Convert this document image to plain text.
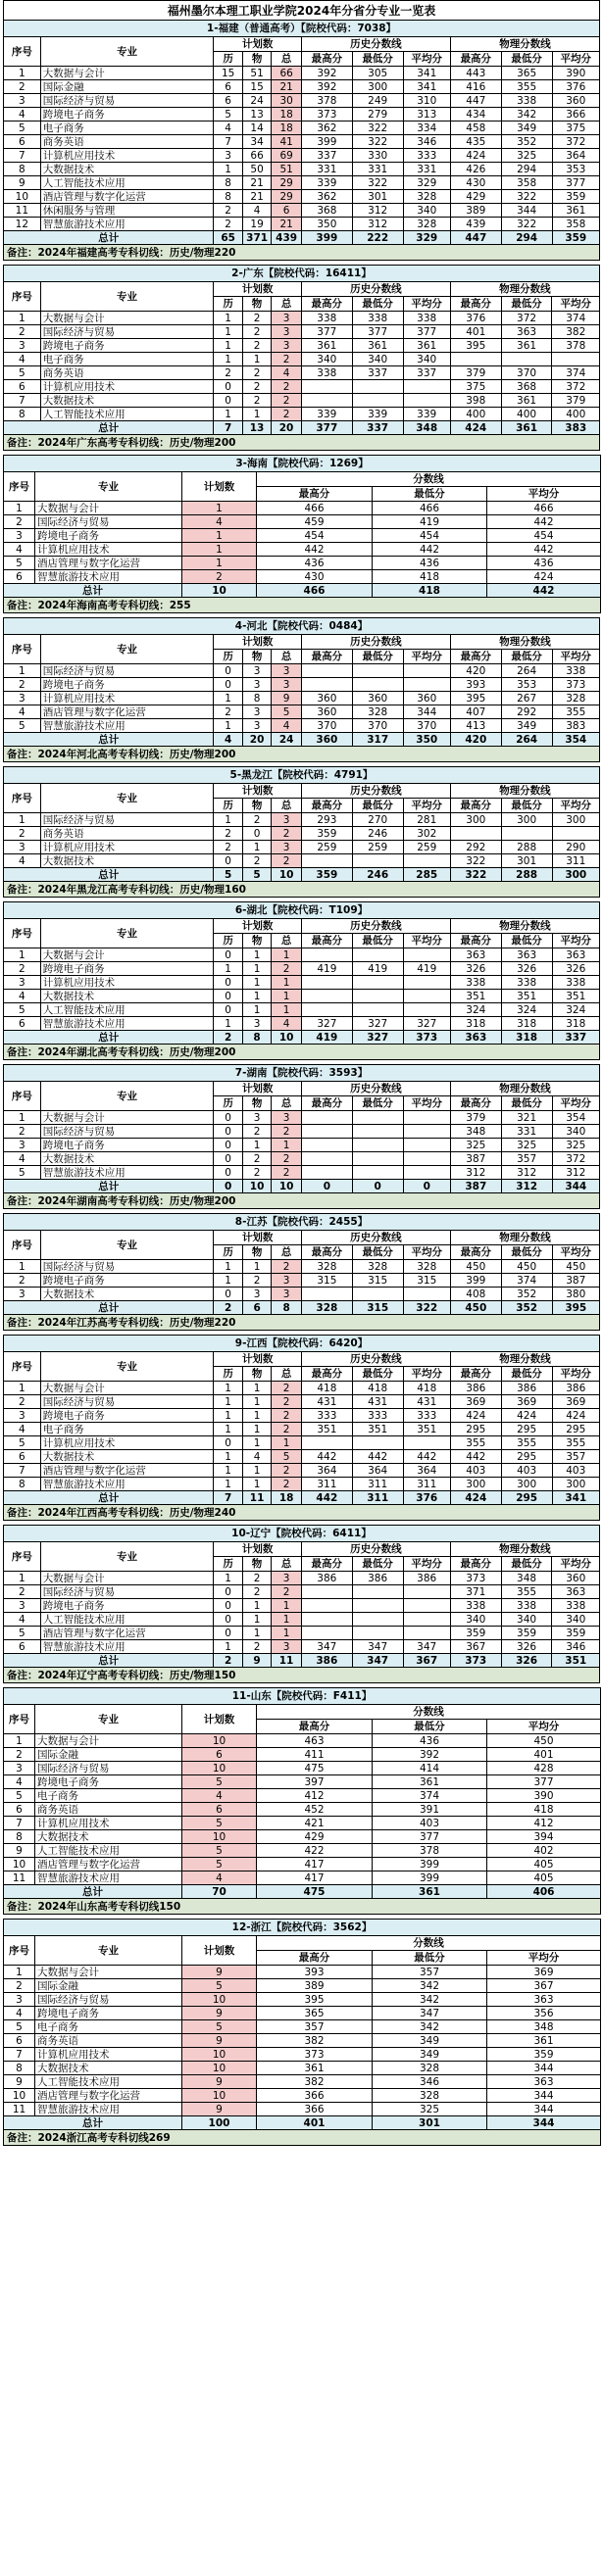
福州墨尔本理工职业学院2024年分省分专业一览表
1-福建（普通高考）【院校代码：7038】										
序号	专业	计划数			历史分数线			物理分数线		
		历	物	总	最高分	最低分	平均分	最高分	最低分	平均分
1	大数据与会计	15	51	66	392	305	341	443	365	390
2	国际金融	6	15	21	392	300	341	416	355	376
3	国际经济与贸易	6	24	30	378	249	310	447	338	360
4	跨境电子商务	5	13	18	373	279	313	434	342	366
5	电子商务	4	14	18	362	322	334	458	349	375
6	商务英语	7	34	41	399	322	346	435	352	372
7	计算机应用技术	3	66	69	337	330	333	424	325	364
8	大数据技术	1	50	51	331	331	331	426	294	353
9	人工智能技术应用	8	21	29	339	322	329	430	358	377
10	酒店管理与数字化运营	8	21	29	362	301	328	429	322	359
11	休闲服务与管理	2	4	6	368	312	340	389	344	361
12	智慧旅游技术应用	2	19	21	350	312	328	439	322	358
总计		65	371	439	399	222	329	447	294	359
备注：2024年福建高考专科切线：历史/物理220										
2-广东【院校代码：16411】										
序号	专业	计划数			历史分数线			物理分数线		
		历	物	总	最高分	最低分	平均分	最高分	最低分	平均分
1	大数据与会计	1	2	3	338	338	338	376	372	374
2	国际经济与贸易	1	2	3	377	377	377	401	363	382
3	跨境电子商务	1	2	3	361	361	361	395	361	378
4	电子商务	1	1	2	340	340	340			
5	商务英语	2	2	4	338	337	337	379	370	374
6	计算机应用技术	0	2	2				375	368	372
7	大数据技术	0	2	2				398	361	379
8	人工智能技术应用	1	1	2	339	339	339	400	400	400
总计		7	13	20	377	337	348	424	361	383
备注：2024年广东高考专科切线：历史/物理200										
3-海南【院校代码：1269】					
序号	专业	计划数	分数线		
			最高分	最低分	平均分
1	大数据与会计	1	466	466	466
2	国际经济与贸易	4	459	419	442
3	跨境电子商务	1	454	454	454
4	计算机应用技术	1	442	442	442
5	酒店管理与数字化运营	1	436	436	436
6	智慧旅游技术应用	2	430	418	424
总计		10	466	418	442
备注：2024年海南高考专科切线：255					
4-河北【院校代码：0484】										
序号	专业	计划数			历史分数线			物理分数线		
		历	物	总	最高分	最低分	平均分	最高分	最低分	平均分
1	国际经济与贸易	0	3	3				420	264	338
2	跨境电子商务	0	3	3				393	353	373
3	计算机应用技术	1	8	9	360	360	360	395	267	328
4	酒店管理与数字化运营	2	3	5	360	328	344	407	292	355
5	智慧旅游技术应用	1	3	4	370	370	370	413	349	383
总计		4	20	24	360	317	350	420	264	354
备注：2024年河北高考专科切线：历史/物理200										
5-黑龙江【院校代码：4791】										
序号	专业	计划数			历史分数线			物理分数线		
		历	物	总	最高分	最低分	平均分	最高分	最低分	平均分
1	国际经济与贸易	1	2	3	293	270	281	300	300	300
2	商务英语	2	0	2	359	246	302			
3	计算机应用技术	2	1	3	259	259	259	292	288	290
4	大数据技术	0	2	2				322	301	311
总计		5	5	10	359	246	285	322	288	300
备注：2024年黑龙江高考专科切线：历史/物理160										
6-湖北【院校代码：T109】										
序号	专业	计划数			历史分数线			物理分数线		
		历	物	总	最高分	最低分	平均分	最高分	最低分	平均分
1	大数据与会计	0	1	1				363	363	363
2	跨境电子商务	1	1	2	419	419	419	326	326	326
3	计算机应用技术	0	1	1				338	338	338
4	大数据技术	0	1	1				351	351	351
5	人工智能技术应用	0	1	1				324	324	324
6	智慧旅游技术应用	1	3	4	327	327	327	318	318	318
总计		2	8	10	419	327	373	363	318	337
备注：2024年湖北高考专科切线：历史/物理200										
7-湖南【院校代码：3593】										
序号	专业	计划数			历史分数线			物理分数线		
		历	物	总	最高分	最低分	平均分	最高分	最低分	平均分
1	大数据与会计	0	3	3				379	321	354
2	国际经济与贸易	0	2	2				348	331	340
3	跨境电子商务	0	1	1				325	325	325
4	大数据技术	0	2	2				387	357	372
5	智慧旅游技术应用	0	2	2				312	312	312
总计		0	10	10	0	0	0	387	312	344
备注：2024年湖南高考专科切线：历史/物理200										
8-江苏【院校代码：2455】										
序号	专业	计划数			历史分数线			物理分数线		
		历	物	总	最高分	最低分	平均分	最高分	最低分	平均分
1	国际经济与贸易	1	1	2	328	328	328	450	450	450
2	跨境电子商务	1	2	3	315	315	315	399	374	387
3	大数据技术	0	3	3				408	352	380
总计		2	6	8	328	315	322	450	352	395
备注：2024年江苏高考专科切线：历史/物理220										
9-江西【院校代码：6420】										
序号	专业	计划数			历史分数线			物理分数线		
		历	物	总	最高分	最低分	平均分	最高分	最低分	平均分
1	大数据与会计	1	1	2	418	418	418	386	386	386
2	国际经济与贸易	1	1	2	431	431	431	369	369	369
3	跨境电子商务	1	1	2	333	333	333	424	424	424
4	电子商务	1	1	2	351	351	351	295	295	295
5	计算机应用技术	0	1	1				355	355	355
6	大数据技术	1	4	5	442	442	442	442	295	357
7	酒店管理与数字化运营	1	1	2	364	364	364	403	403	403
8	智慧旅游技术应用	1	1	2	311	311	311	300	300	300
总计		7	11	18	442	311	376	424	295	341
备注：2024年江西高考专科切线：历史/物理240										
10-辽宁【院校代码：6411】										
序号	专业	计划数			历史分数线			物理分数线		
		历	物	总	最高分	最低分	平均分	最高分	最低分	平均分
1	大数据与会计	1	2	3	386	386	386	373	348	360
2	国际经济与贸易	0	2	2				371	355	363
3	跨境电子商务	0	1	1				338	338	338
4	人工智能技术应用	0	1	1				340	340	340
5	酒店管理与数字化运营	0	1	1				359	359	359
6	智慧旅游技术应用	1	2	3	347	347	347	367	326	346
总计		2	9	11	386	347	367	373	326	351
备注：2024年辽宁高考专科切线：历史/物理150										
11-山东【院校代码：F411】					
序号	专业	计划数	分数线		
			最高分	最低分	平均分
1	大数据与会计	10	463	436	450
2	国际金融	6	411	392	401
3	国际经济与贸易	10	475	414	428
4	跨境电子商务	5	397	361	377
5	电子商务	4	412	374	390
6	商务英语	6	452	391	418
7	计算机应用技术	5	421	403	412
8	大数据技术	10	429	377	394
9	人工智能技术应用	5	422	378	402
10	酒店管理与数字化运营	5	417	399	405
11	智慧旅游技术应用	4	417	399	405
总计		70	475	361	406
备注：2024年山东高考专科切线150					
12-浙江【院校代码：3562】					
序号	专业	计划数	分数线		
			最高分	最低分	平均分
1	大数据与会计	9	393	357	369
2	国际金融	5	389	342	367
3	国际经济与贸易	10	395	342	363
4	跨境电子商务	9	365	347	356
5	电子商务	5	357	342	348
6	商务英语	9	382	349	361
7	计算机应用技术	10	373	349	359
8	大数据技术	10	361	328	344
9	人工智能技术应用	9	382	346	363
10	酒店管理与数字化运营	10	366	328	344
11	智慧旅游技术应用	9	366	325	344
总计		100	401	301	344
备注：2024浙江高考专科切线269					
